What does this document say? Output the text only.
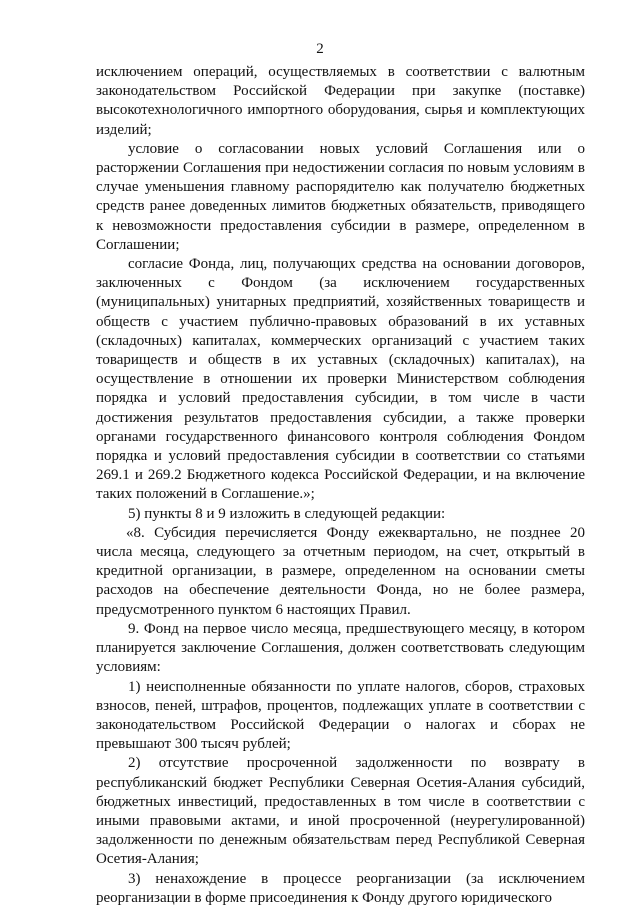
2

исключением операций, осуществляемых в соответствии с валютным законодательством Российской Федерации при закупке (поставке) высокотехнологичного импортного оборудования, сырья и комплектующих изделий;

условие о согласовании новых условий Соглашения или о расторжении Соглашения при недостижении согласия по новым условиям в случае уменьшения главному распорядителю как получателю бюджетных средств ранее доведенных лимитов бюджетных обязательств, приводящего к невозможности предоставления субсидии в размере, определенном в Соглашении;

согласие Фонда, лиц, получающих средства на основании договоров, заключенных с Фондом (за исключением государственных (муниципальных) унитарных предприятий, хозяйственных товариществ и обществ с участием публично-правовых образований в их уставных (складочных) капиталах, коммерческих организаций с участием таких товариществ и обществ в их уставных (складочных) капиталах), на осуществление в отношении их проверки Министерством соблюдения порядка и условий предоставления субсидии, в том числе в части достижения результатов предоставления субсидии, а также проверки органами государственного финансового контроля соблюдения Фондом порядка и условий предоставления субсидии в соответствии со статьями 269.1 и 269.2 Бюджетного кодекса Российской Федерации, и на включение таких положений в Соглашение.»;

5) пункты 8 и 9 изложить в следующей редакции:

«8. Субсидия перечисляется Фонду ежеквартально, не позднее 20 числа месяца, следующего за отчетным периодом, на счет, открытый в кредитной организации, в размере, определенном на основании сметы расходов на обеспечение деятельности Фонда, но не более размера, предусмотренного пунктом 6 настоящих Правил.

9. Фонд на первое число месяца, предшествующего месяцу, в котором планируется заключение Соглашения, должен соответствовать следующим условиям:

1) неисполненные обязанности по уплате налогов, сборов, страховых взносов, пеней, штрафов, процентов, подлежащих уплате в соответствии с законодательством Российской Федерации о налогах и сборах не превышают 300 тысяч рублей;

2) отсутствие просроченной задолженности по возврату в республиканский бюджет Республики Северная Осетия-Алания субсидий, бюджетных инвестиций, предоставленных в том числе в соответствии с иными правовыми актами, и иной просроченной (неурегулированной) задолженности по денежным обязательствам перед Республикой Северная Осетия-Алания;

3) ненахождение в процессе реорганизации (за исключением реорганизации в форме присоединения к Фонду другого юридического
